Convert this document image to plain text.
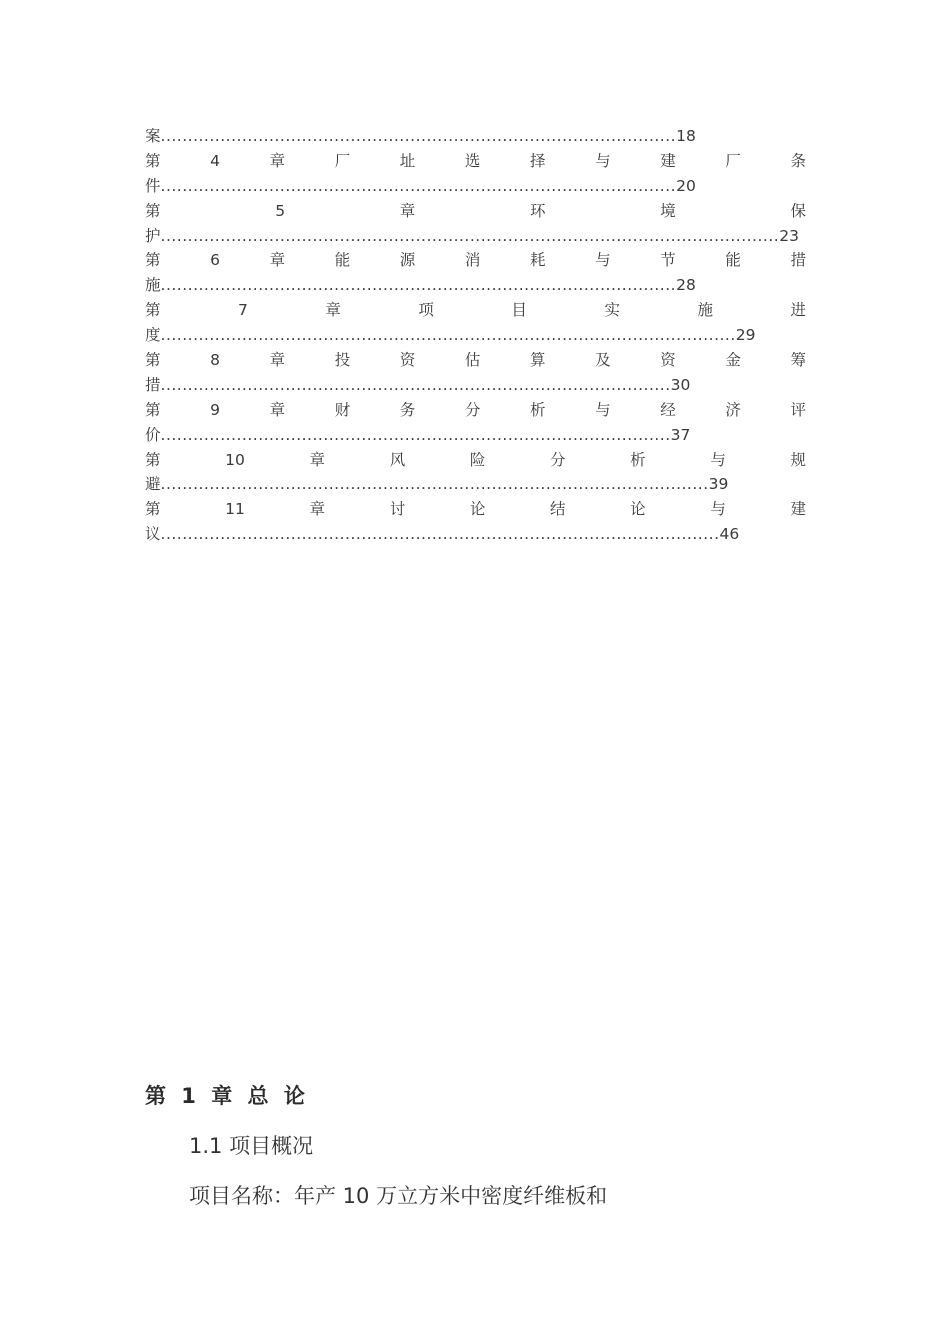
案 ............................................................................................... 18
第	4	章	厂	址	选	择	与	建	厂	条
件 ............................................................................................... 20
第	5	章	环	境	保
护 .................................................................................................................. 23
第	6	章	能	源	消	耗	与	节	能	措
施 ............................................................................................... 28
第	7	章	项	目	实	施	进
度 .......................................................................................................... 29
第	8	章	投	资	估	算	及	资	金	筹
措 .............................................................................................. 30
第	9	章	财	务	分	析	与	经	济	评
价 .............................................................................................. 37
第	10	章	风	险	分	析	与	规
避 ..................................................................................................... 39
第	11	章	讨	论	结	论	与	建
议 ....................................................................................................... 46
第 1 章 总 论
1.1 项目概况
项目名称：年产 10 万立方米中密度纤维板和
